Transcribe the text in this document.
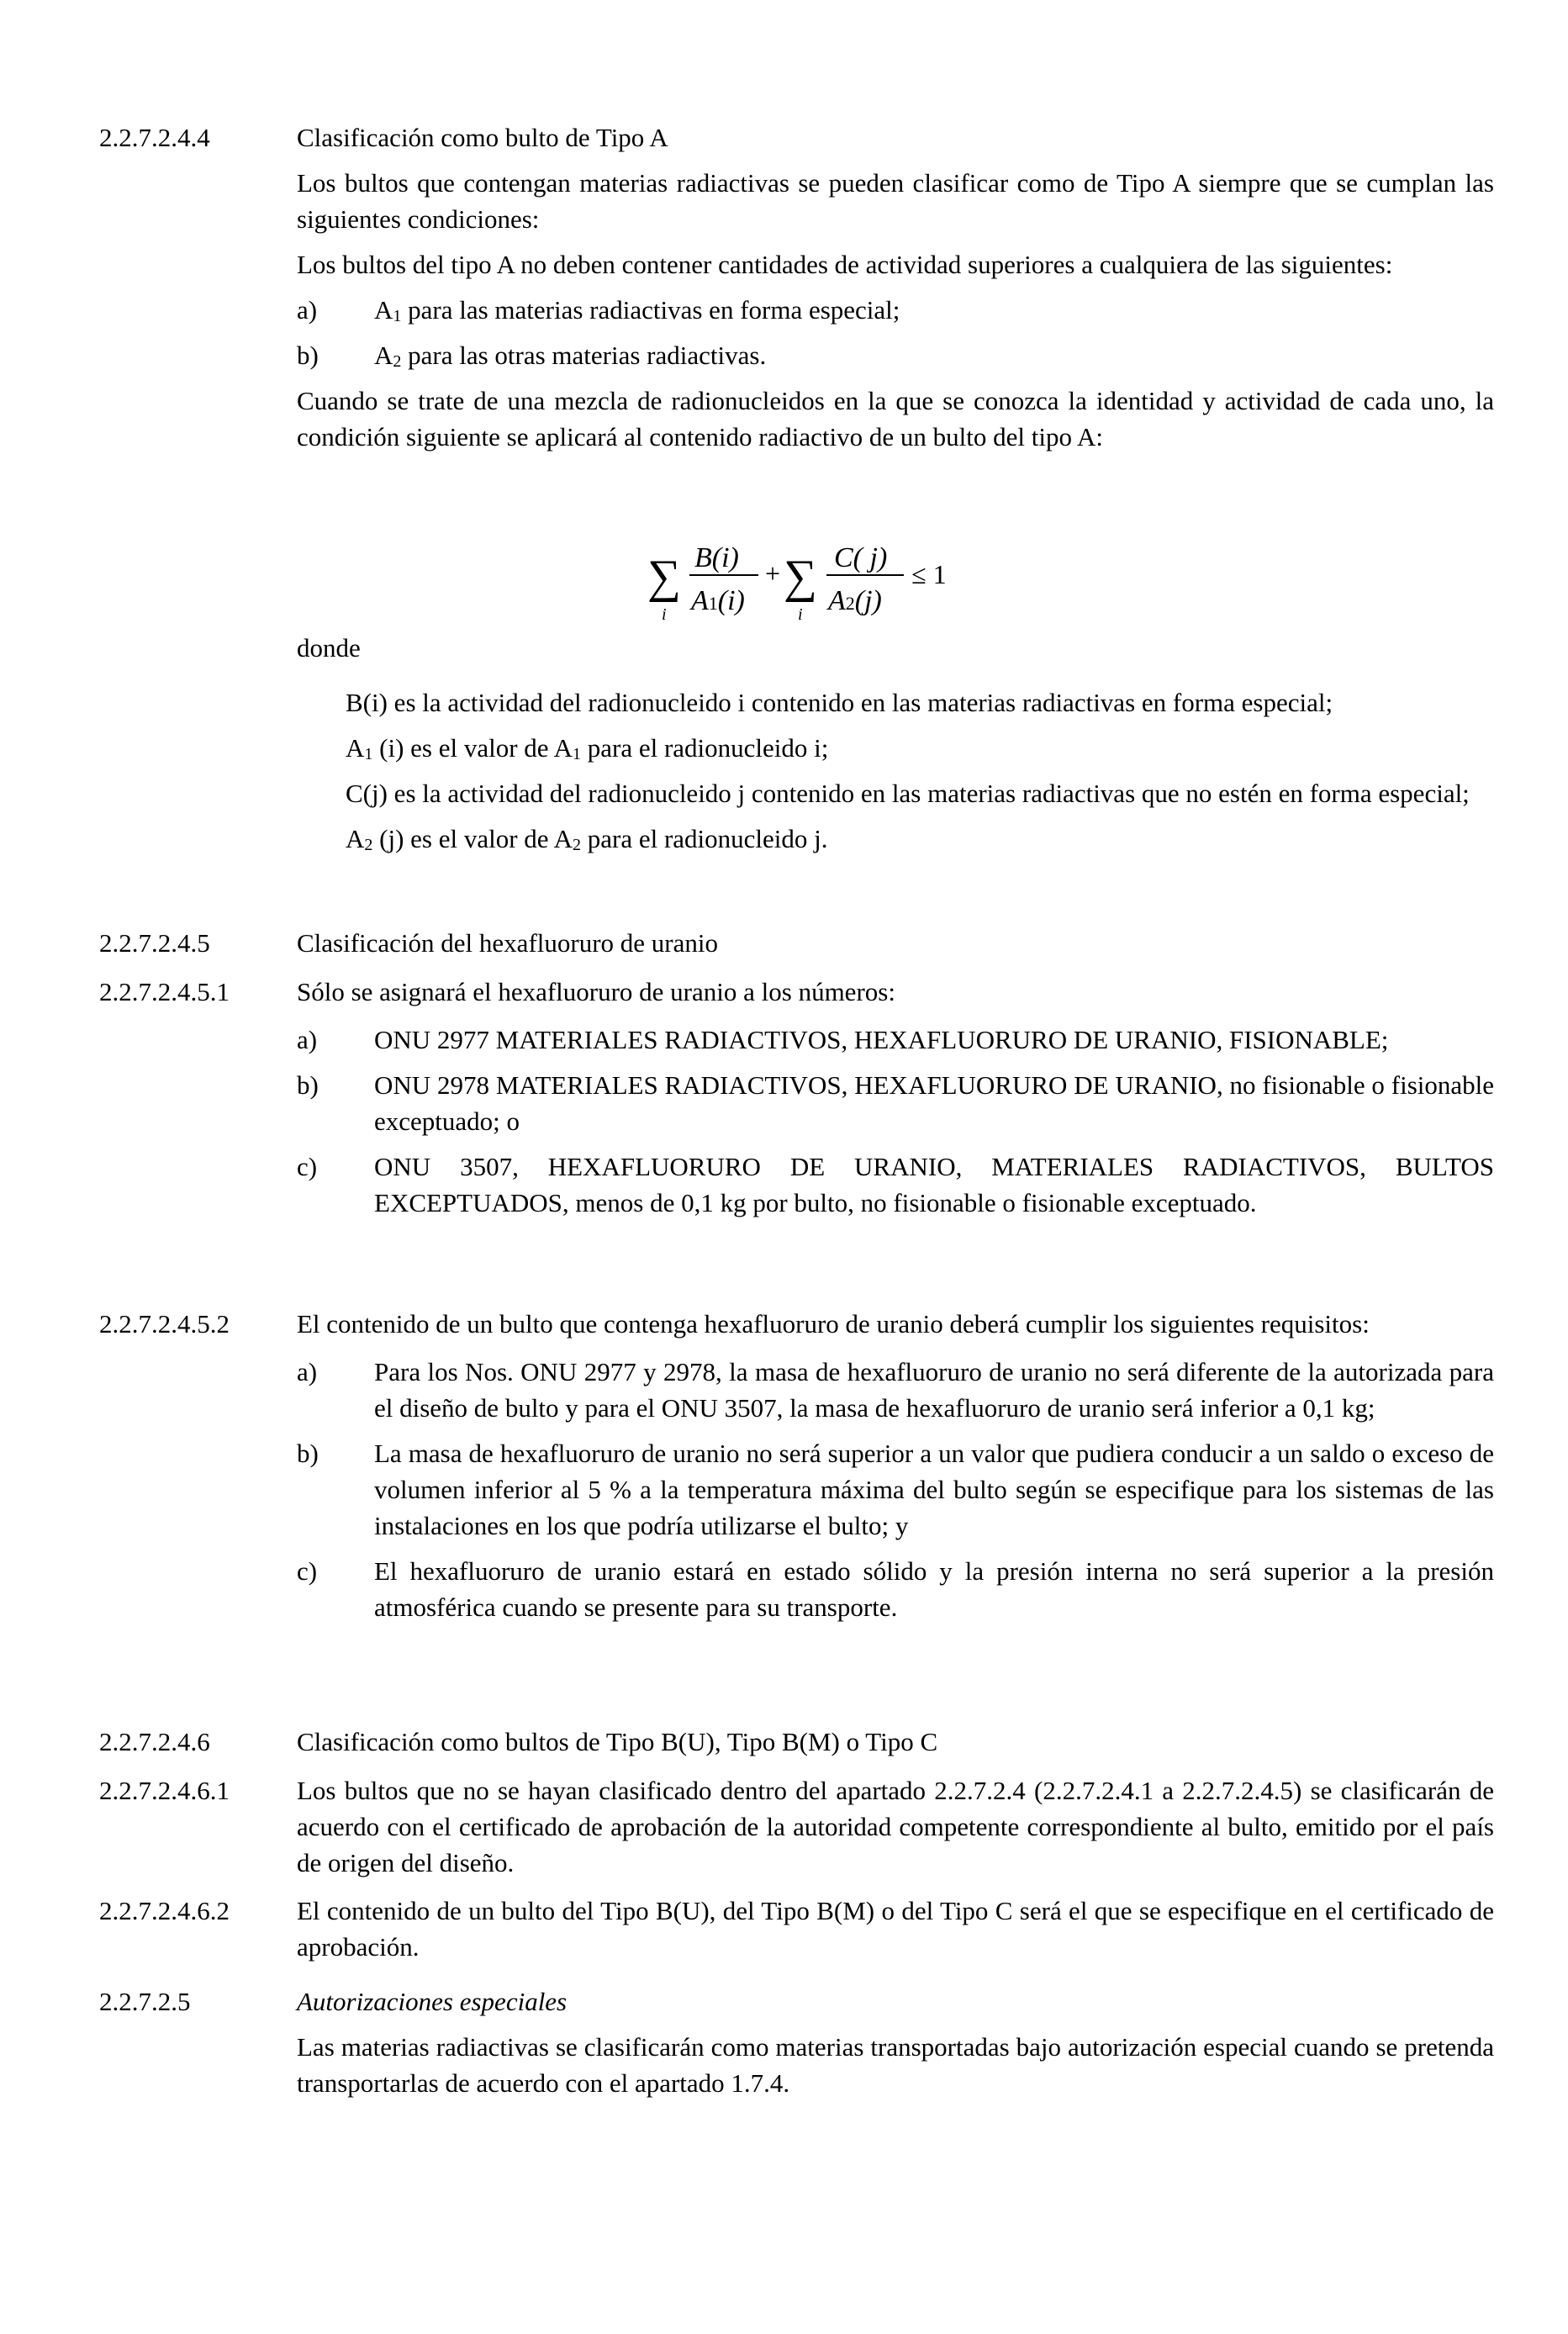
2.2.7.2.4.4	Clasificación como bulto de Tipo A

Los bultos que contengan materias radiactivas se pueden clasificar como de Tipo A siempre que se cumplan las siguientes condiciones:

Los bultos del tipo A no deben contener cantidades de actividad superiores a cualquiera de las siguientes:

a) $A_1$ para las materias radiactivas en forma especial;
b) $A_2$ para las otras materias radiactivas.

Cuando se trate de una mezcla de radionucleidos en la que se conozca la identidad y actividad de cada uno, la condición siguiente se aplicará al contenido radiactivo de un bulto del tipo A:

∑
i
B(i)
A1(i)
+ ∑
i
C( j)
A2(j)
≤ 1

donde

B(i) es la actividad del radionucleido i contenido en las materias radiactivas en forma especial;

$A_1$ (i) es el valor de $A_1$ para el radionucleido i;

C(j) es la actividad del radionucleido j contenido en las materias radiactivas que no estén en forma especial;

$A_2$ (j) es el valor de $A_2$ para el radionucleido j.

2.2.7.2.4.5	Clasificación del hexafluoruro de uranio

2.2.7.2.4.5.1	Sólo se asignará el hexafluoruro de uranio a los números:

a) ONU 2977 MATERIALES RADIACTIVOS, HEXAFLUORURO DE URANIO, FISIONABLE;
b) ONU 2978 MATERIALES RADIACTIVOS, HEXAFLUORURO DE URANIO, no fisionable o fisionable exceptuado; o
c) ONU 3507, HEXAFLUORURO DE URANIO, MATERIALES RADIACTIVOS, BULTOS EXCEPTUADOS, menos de 0,1 kg por bulto, no fisionable o fisionable exceptuado.
2.2.7.2.4.5.2	El contenido de un bulto que contenga hexafluoruro de uranio deberá cumplir los siguientes requisitos:

a) Para los Nos. ONU 2977 y 2978, la masa de hexafluoruro de uranio no será diferente de la autorizada para el diseño de bulto y para el ONU 3507, la masa de hexafluoruro de uranio será inferior a 0,1 kg;
b) La masa de hexafluoruro de uranio no será superior a un valor que pudiera conducir a un saldo o exceso de volumen inferior al 5 % a la temperatura máxima del bulto según se especifique para los sistemas de las instalaciones en los que podría utilizarse el bulto; y
c) El hexafluoruro de uranio estará en estado sólido y la presión interna no será superior a la presión atmosférica cuando se presente para su transporte.
2.2.7.2.4.6	Clasificación como bultos de Tipo B(U), Tipo B(M) o Tipo C

2.2.7.2.4.6.1	Los bultos que no se hayan clasificado dentro del apartado 2.2.7.2.4 (2.2.7.2.4.1 a 2.2.7.2.4.5) se clasificarán de acuerdo con el certificado de aprobación de la autoridad competente correspondiente al bulto, emitido por el país de origen del diseño.

2.2.7.2.4.6.2	El contenido de un bulto del Tipo B(U), del Tipo B(M) o del Tipo C será el que se especifique en el certificado de aprobación.

2.2.7.2.5	Autorizaciones especiales

Las materias radiactivas se clasificarán como materias transportadas bajo autorización especial cuando se pretenda transportarlas de acuerdo con el apartado 1.7.4.
